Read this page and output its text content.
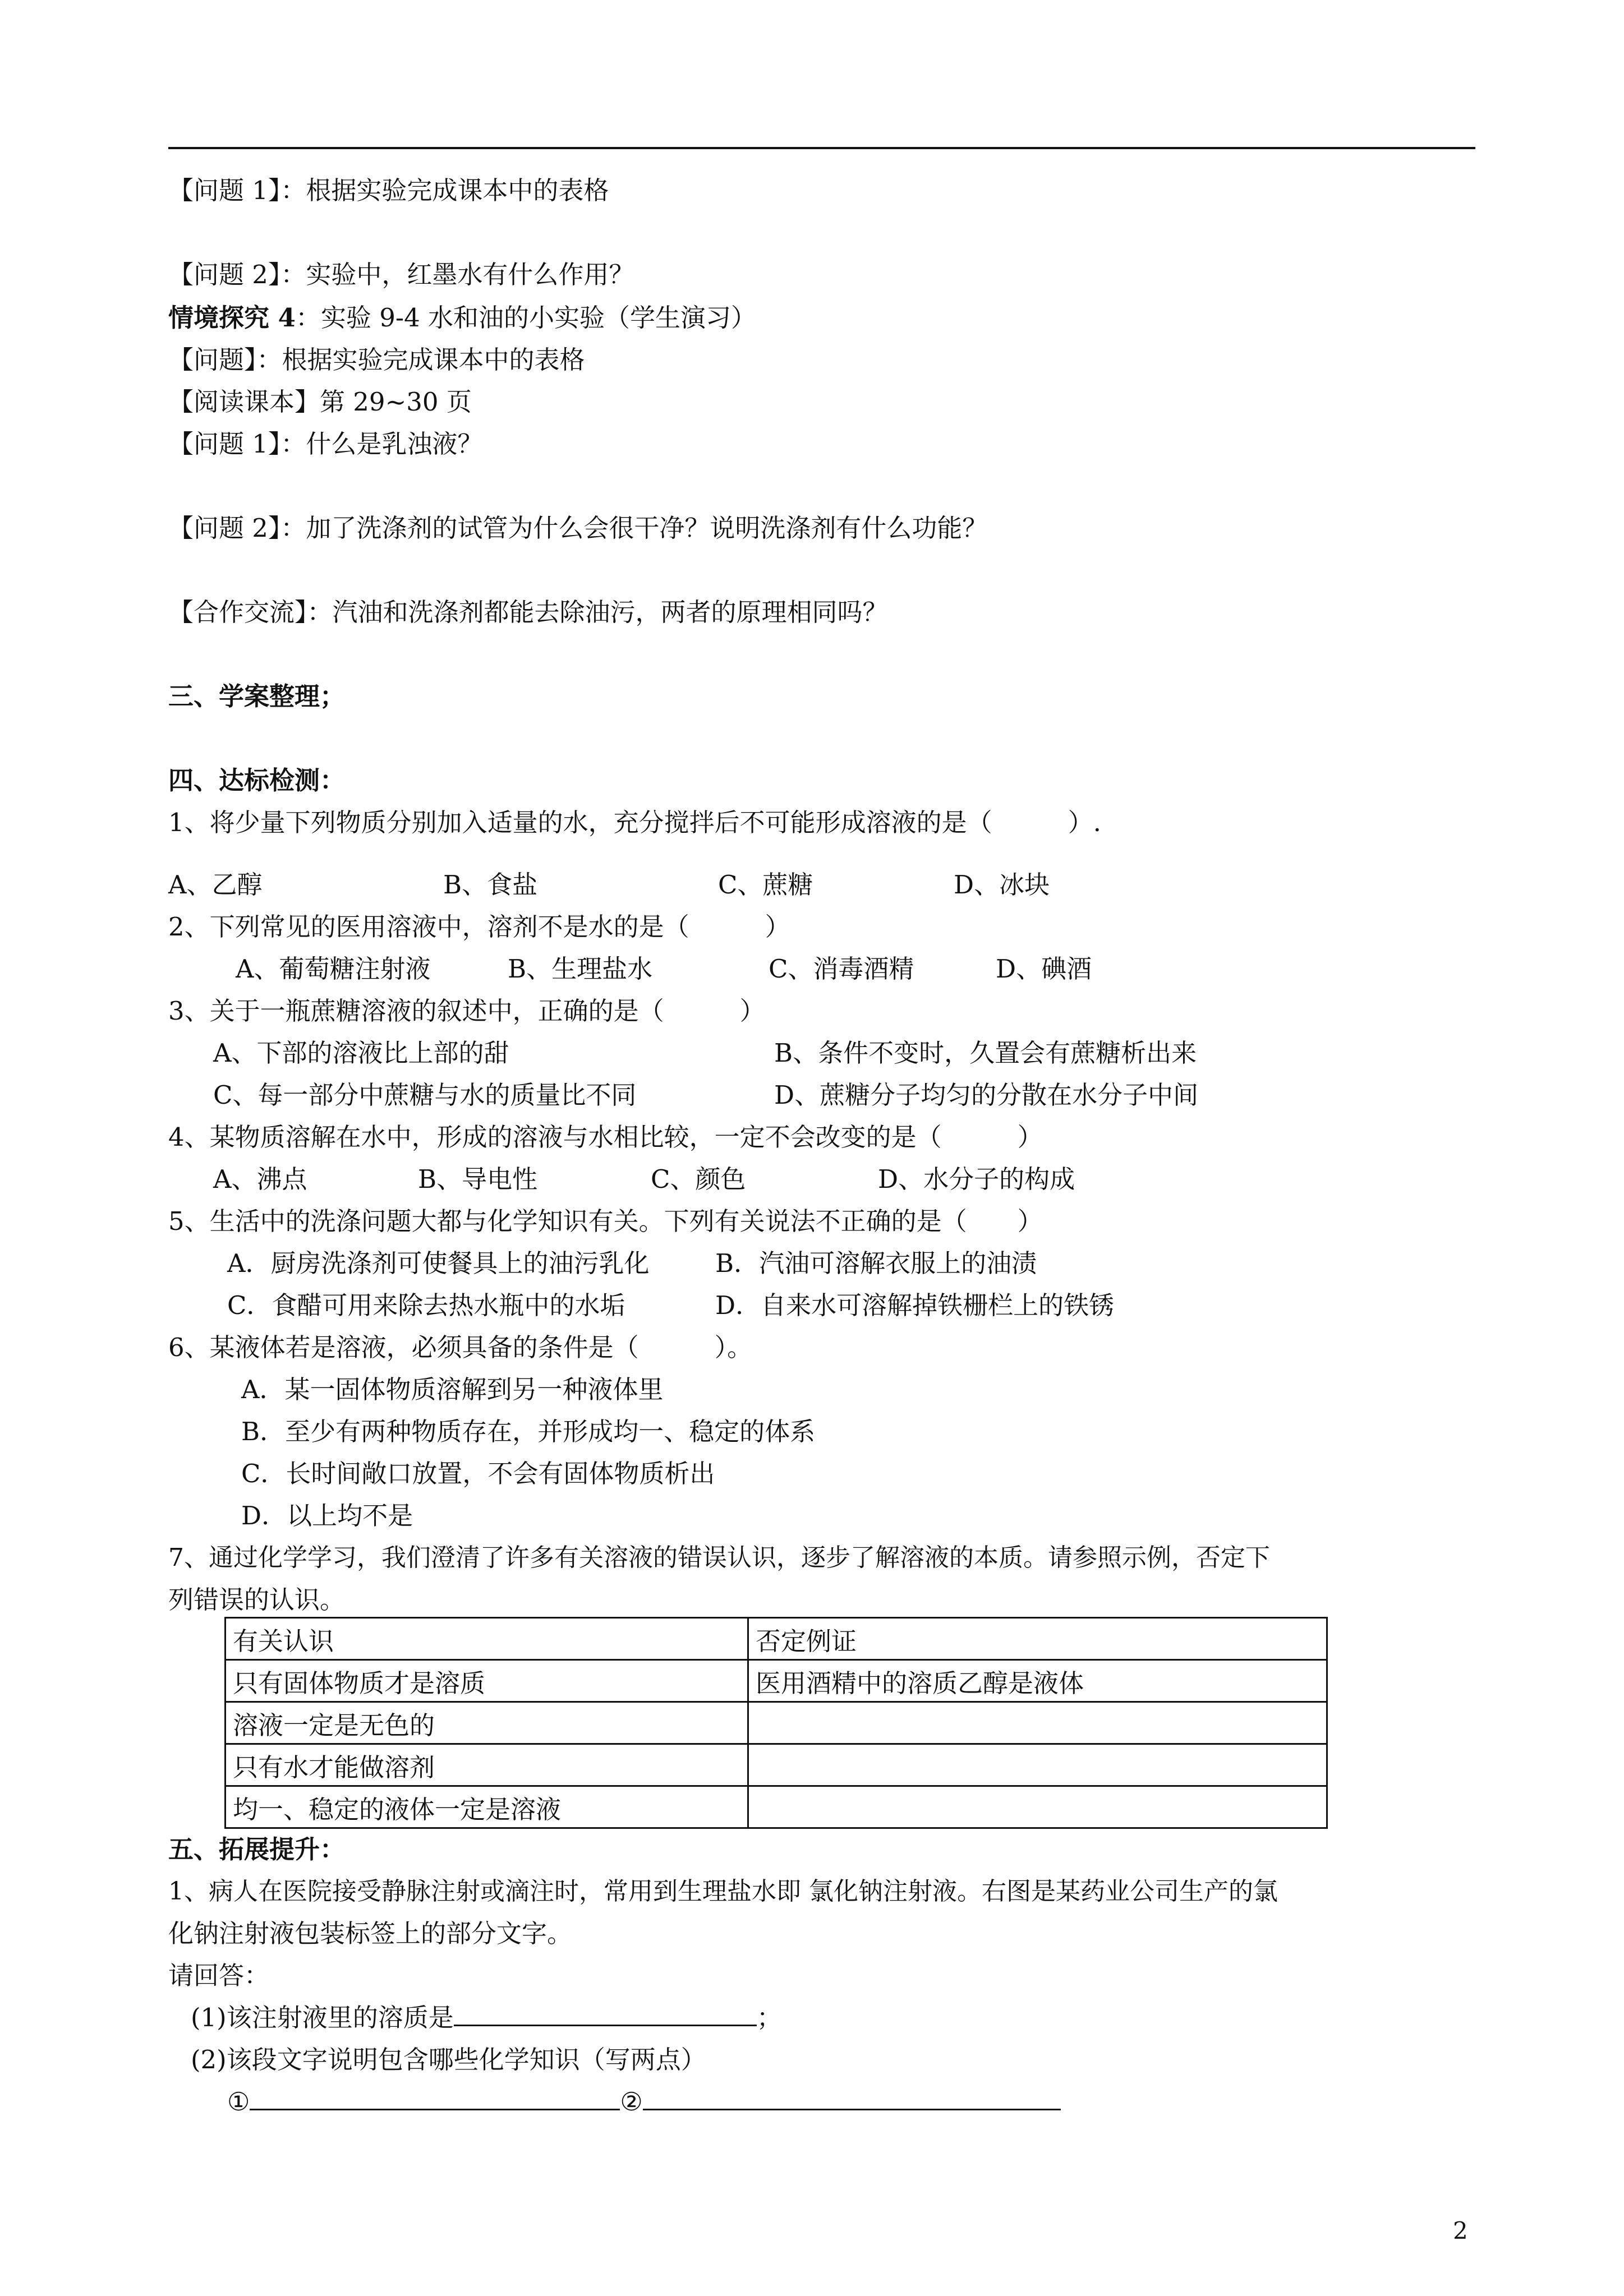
【问题 1】：根据实验完成课本中的表格
【问题 2】：实验中，红墨水有什么作用？
情境探究 4：实验 9-4 水和油的小实验（学生演习）
【问题】：根据实验完成课本中的表格
【阅读课本】第 29~30 页
【问题 1】：什么是乳浊液？
【问题 2】：加了洗涤剂的试管为什么会很干净？说明洗涤剂有什么功能？
【合作交流】：汽油和洗涤剂都能去除油污，两者的原理相同吗？
三、学案整理；
四、达标检测：
1、将少量下列物质分别加入适量的水，充分搅拌后不可能形成溶液的是（　　　）.
A、乙醇	B、食盐	C、蔗糖	D、冰块
2、下列常见的医用溶液中，溶剂不是水的是（　　　）
A、葡萄糖注射液	B、生理盐水	C、消毒酒精	D、碘酒
3、关于一瓶蔗糖溶液的叙述中，正确的是（　　　）
A、下部的溶液比上部的甜	B、条件不变时，久置会有蔗糖析出来
C、每一部分中蔗糖与水的质量比不同	D、蔗糖分子均匀的分散在水分子中间
4、某物质溶解在水中，形成的溶液与水相比较，一定不会改变的是（　　　）
A、沸点	B、导电性	C、颜色	D、水分子的构成
5、生活中的洗涤问题大都与化学知识有关。下列有关说法不正确的是（　　）
A．厨房洗涤剂可使餐具上的油污乳化	B．汽油可溶解衣服上的油渍
C．食醋可用来除去热水瓶中的水垢	D．自来水可溶解掉铁栅栏上的铁锈
6、某液体若是溶液，必须具备的条件是（　　　）。
A．某一固体物质溶解到另一种液体里
B．至少有两种物质存在，并形成均一、稳定的体系
C．长时间敞口放置，不会有固体物质析出
D．以上均不是
7、通过化学学习，我们澄清了许多有关溶液的错误认识，逐步了解溶液的本质。请参照示例，否定下
列错误的认识。
有关认识	否定例证
只有固体物质才是溶质	医用酒精中的溶质乙醇是液体
溶液一定是无色的	
只有水才能做溶剂	
均一、稳定的液体一定是溶液	
五、拓展提升：
1、病人在医院接受静脉注射或滴注时，常用到生理盐水即 氯化钠注射液。右图是某药业公司生产的氯
化钠注射液包装标签上的部分文字。
请回答：
(1)该注射液里的溶质是	；
(2)该段文字说明包含哪些化学知识（写两点）
①	②
2
